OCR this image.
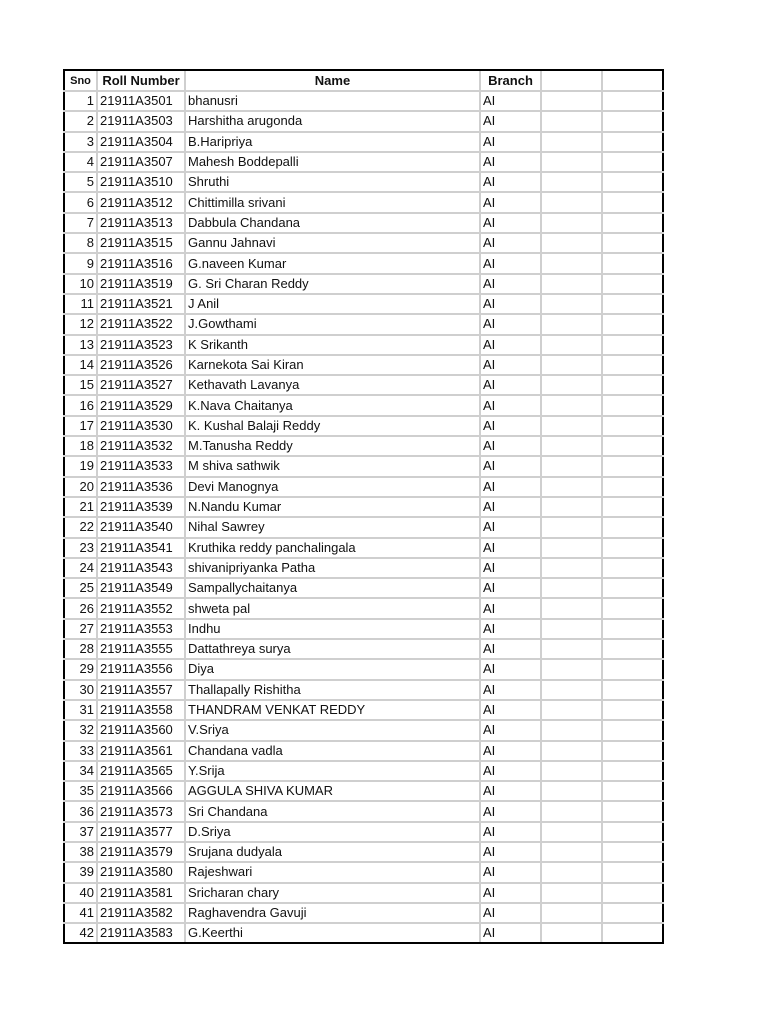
Sno	Roll Number	Name	Branch		
1	21911A3501	bhanusri	AI		
2	21911A3503	Harshitha arugonda	AI		
3	21911A3504	B.Haripriya	AI		
4	21911A3507	Mahesh Boddepalli	AI		
5	21911A3510	Shruthi	AI		
6	21911A3512	Chittimilla srivani	AI		
7	21911A3513	Dabbula Chandana	AI		
8	21911A3515	Gannu Jahnavi	AI		
9	21911A3516	G.naveen Kumar	AI		
10	21911A3519	G. Sri Charan Reddy	AI		
11	21911A3521	J Anil	AI		
12	21911A3522	J.Gowthami	AI		
13	21911A3523	K Srikanth	AI		
14	21911A3526	Karnekota Sai Kiran	AI		
15	21911A3527	Kethavath Lavanya	AI		
16	21911A3529	K.Nava Chaitanya	AI		
17	21911A3530	K. Kushal Balaji Reddy	AI		
18	21911A3532	M.Tanusha Reddy	AI		
19	21911A3533	M shiva sathwik	AI		
20	21911A3536	Devi Manognya	AI		
21	21911A3539	N.Nandu Kumar	AI		
22	21911A3540	Nihal Sawrey	AI		
23	21911A3541	Kruthika reddy panchalingala	AI		
24	21911A3543	shivanipriyanka Patha	AI		
25	21911A3549	Sampallychaitanya	AI		
26	21911A3552	shweta pal	AI		
27	21911A3553	Indhu	AI		
28	21911A3555	Dattathreya surya	AI		
29	21911A3556	Diya	AI		
30	21911A3557	Thallapally Rishitha	AI		
31	21911A3558	THANDRAM VENKAT REDDY	AI		
32	21911A3560	V.Sriya	AI		
33	21911A3561	Chandana vadla	AI		
34	21911A3565	Y.Srija	AI		
35	21911A3566	AGGULA SHIVA KUMAR	AI		
36	21911A3573	Sri Chandana	AI		
37	21911A3577	D.Sriya	AI		
38	21911A3579	Srujana dudyala	AI		
39	21911A3580	Rajeshwari	AI		
40	21911A3581	Sricharan chary	AI		
41	21911A3582	Raghavendra Gavuji	AI		
42	21911A3583	G.Keerthi	AI		
